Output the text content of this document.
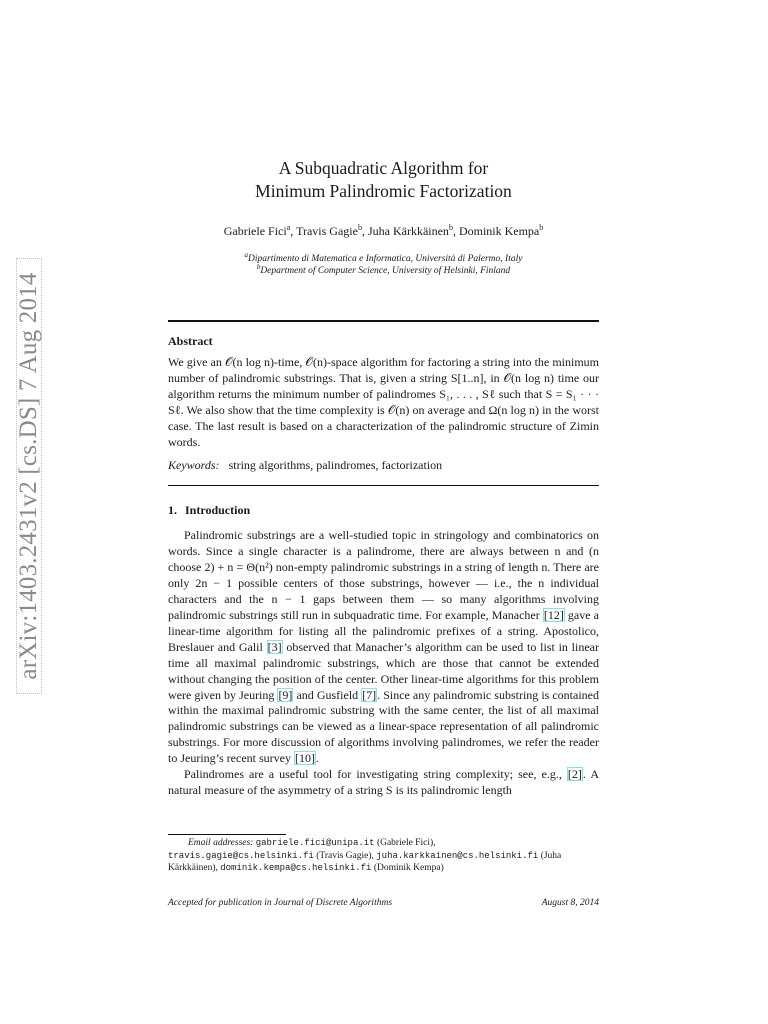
arXiv:1403.2431v2 [cs.DS] 7 Aug 2014
A Subquadratic Algorithm for
Minimum Palindromic Factorization
Gabriele Fici$^a$, Travis Gagie$^b$, Juha Kärkkäinen$^b$, Dominik Kempa$^b$
$^a$Dipartimento di Matematica e Informatica, Università di Palermo, Italy
$^b$Department of Computer Science, University of Helsinki, Finland
Abstract
We give an 𝒪(n log n)-time, 𝒪(n)-space algorithm for factoring a string into the minimum number of palindromic substrings. That is, given a string S[1..n], in 𝒪(n log n) time our algorithm returns the minimum number of palindromes S₁, . . . , Sℓ such that S = S₁ · · · Sℓ. We also show that the time complexity is 𝒪(n) on average and Ω(n log n) in the worst case. The last result is based on a characterization of the palindromic structure of Zimin words.
Keywords: string algorithms, palindromes, factorization
1. Introduction

Palindromic substrings are a well-studied topic in stringology and combinatorics on words. Since a single character is a palindrome, there are always between n and (n choose 2) + n = Θ(n²) non-empty palindromic substrings in a string of length n. There are only 2n − 1 possible centers of those substrings, however — i.e., the n individual characters and the n − 1 gaps between them — so many algorithms involving palindromic substrings still run in subquadratic time. For example, Manacher [12] gave a linear-time algorithm for listing all the palindromic prefixes of a string. Apostolico, Breslauer and Galil [3] observed that Manacher’s algorithm can be used to list in linear time all maximal palindromic substrings, which are those that cannot be extended without changing the position of the center. Other linear-time algorithms for this problem were given by Jeuring [9] and Gusfield [7]. Since any palindromic substring is contained within the maximal palindromic substring with the same center, the list of all maximal palindromic substrings can be viewed as a linear-space representation of all palindromic substrings. For more discussion of algorithms involving palindromes, we refer the reader to Jeuring’s recent survey [10].

Palindromes are a useful tool for investigating string complexity; see, e.g., [2]. A natural measure of the asymmetry of a string S is its palindromic length

Email addresses: gabriele.fici@unipa.it (Gabriele Fici),
travis.gagie@cs.helsinki.fi (Travis Gagie), juha.karkkainen@cs.helsinki.fi (Juha Kärkkäinen), dominik.kempa@cs.helsinki.fi (Dominik Kempa)
Accepted for publication in Journal of Discrete Algorithms	August 8, 2014
